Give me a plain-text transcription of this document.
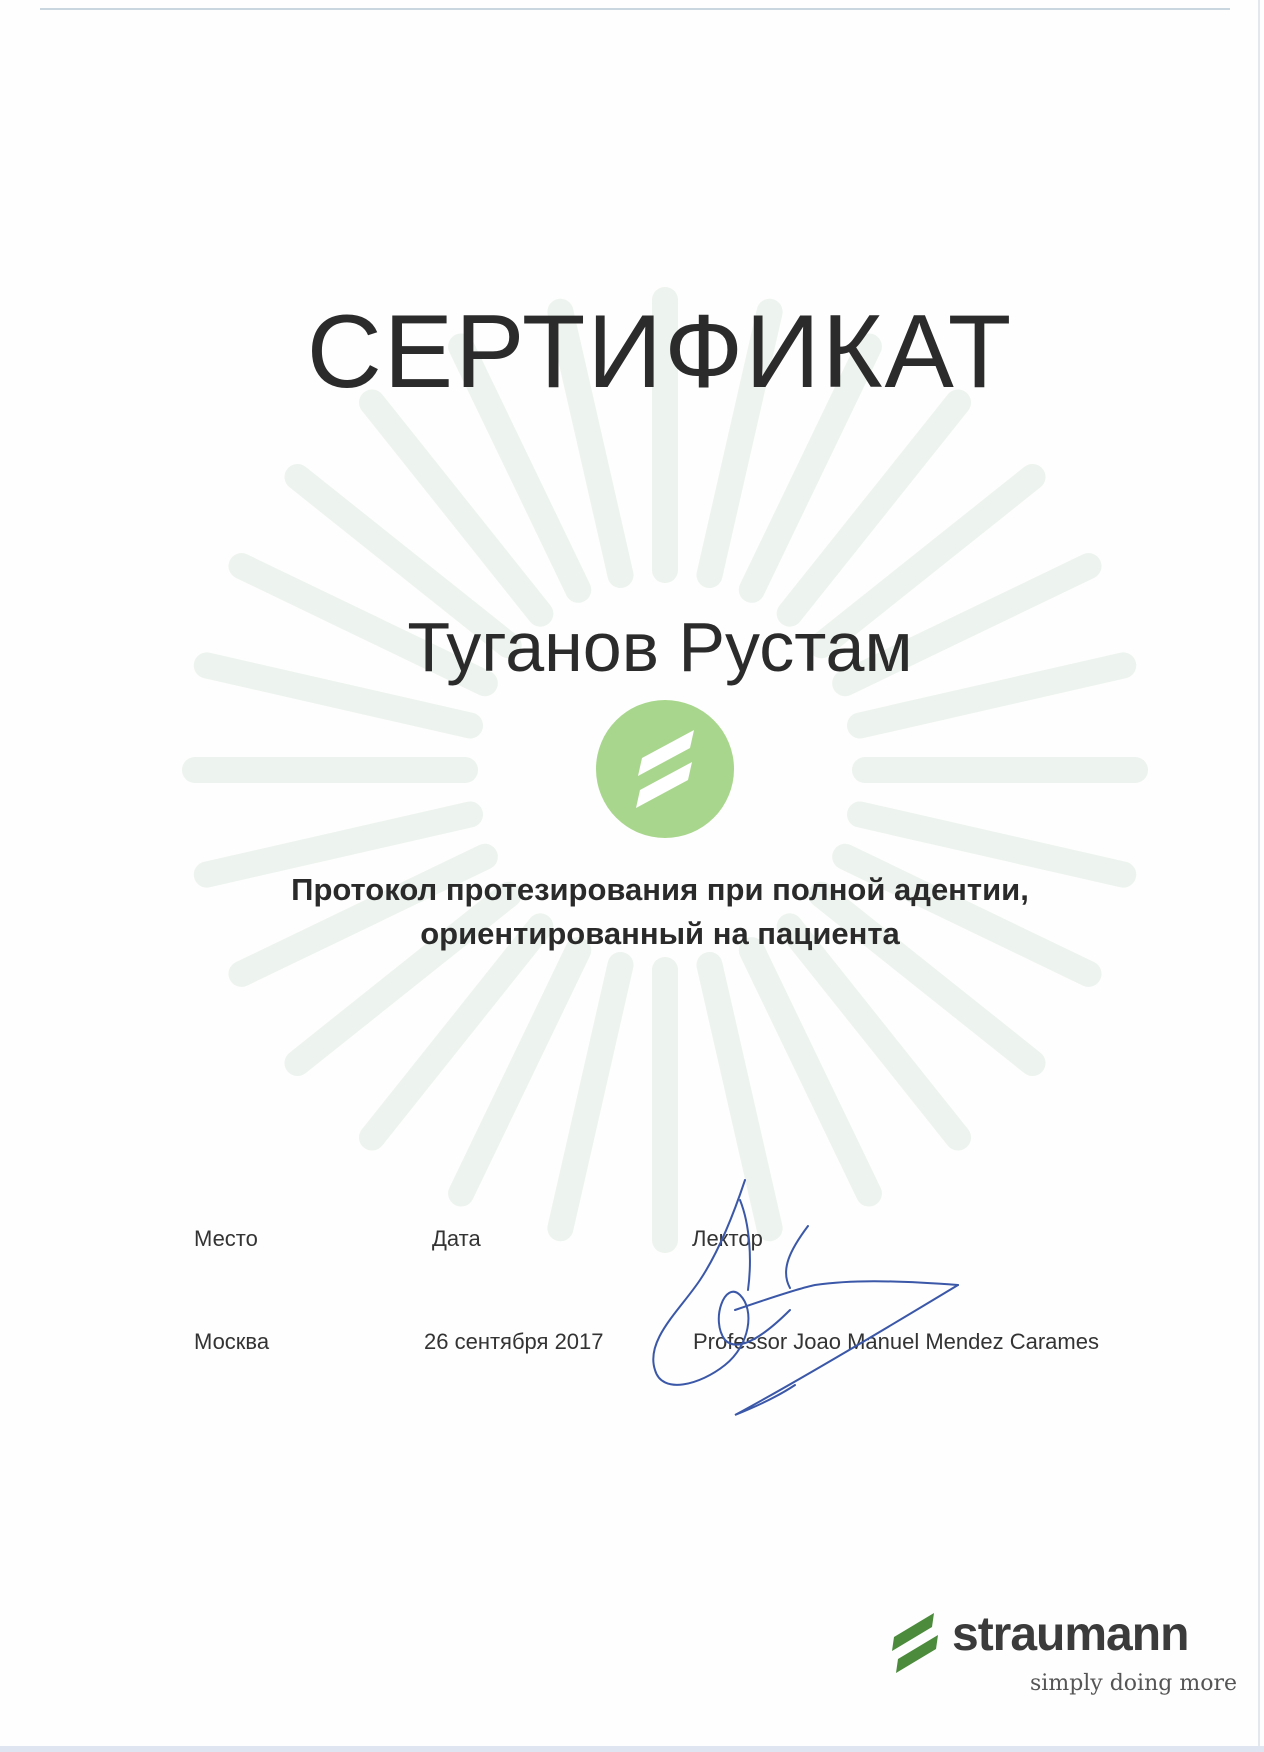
СЕРТИФИКАТ
Туганов Рустам
Протокол протезирования при полной адентии,
ориентированный на пациента
Место	Дата	Лектор
Москва	26 сентября 2017	Professor Joao Manuel Mendez Carames
straumann
simply doing more
